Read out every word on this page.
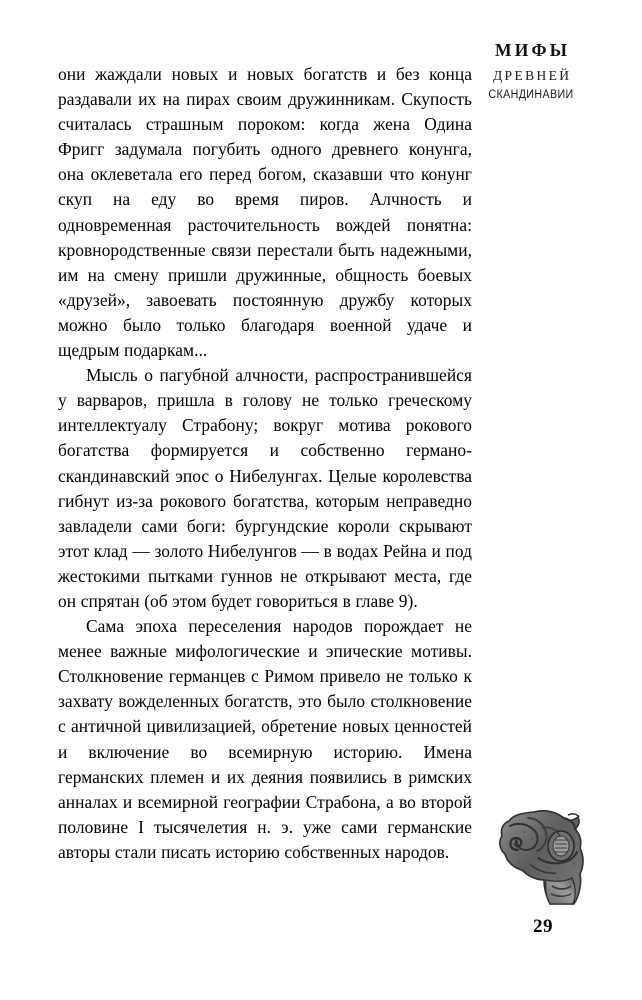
МИФЫ
ДРЕВНЕЙ
СКАНДИНАВИИ

они жаждали новых и новых богатств и без конца раздавали их на пирах своим дружинникам. Скупость считалась страшным пороком: когда жена Одина Фригг задумала погубить одного древнего конунга, она оклеветала его перед богом, сказавши что конунг скуп на еду во время пиров. Алчность и одновременная расточительность вождей понятна: кровнородственные связи перестали быть надежными, им на смену пришли дружинные, общность боевых «друзей», завоевать постоянную дружбу которых можно было только благодаря военной удаче и щедрым подаркам...

Мысль о пагубной алчности, распространившейся у варваров, пришла в голову не только греческому интеллектуалу Страбону; вокруг мотива рокового богатства формируется и собственно германо-скандинавский эпос о Нибелунгах. Целые королевства гибнут из-за рокового богатства, которым неправедно завладели сами боги: бургундские короли скрывают этот клад — золото Нибелунгов — в водах Рейна и под жестокими пытками гуннов не открывают места, где он спрятан (об этом будет говориться в главе 9).

Сама эпоха переселения народов порождает не менее важные мифологические и эпические мотивы. Столкновение германцев с Римом привело не только к захвату вожделенных богатств, это было столкновение с античной цивилизацией, обретение новых ценностей и включение во всемирную историю. Имена германских племен и их деяния появились в римских анналах и всемирной географии Страбона, а во второй половине I тысячелетия н. э. уже сами германские авторы стали писать историю собственных народов.

29
